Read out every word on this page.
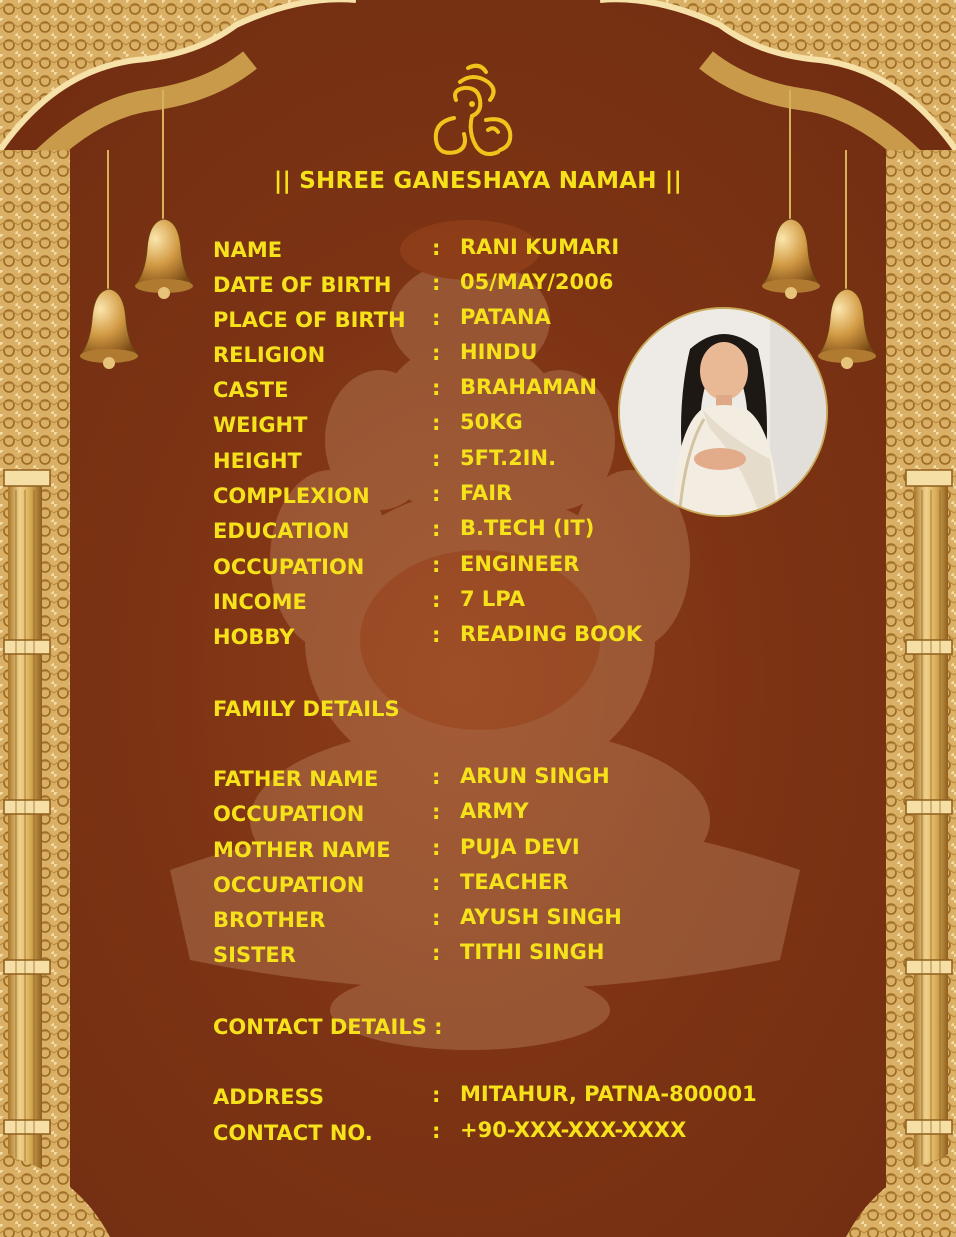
|| SHREE GANESHAYA NAMAH ||
NAME	: RANI KUMARI
DATE OF BIRTH : 05/MAY/2006
PLACE OF BIRTH : PATANA
RELIGION	: HINDU
CASTE	: BRAHAMAN
WEIGHT	: 50KG
HEIGHT	: 5FT.2IN.
COMPLEXION	: FAIR
EDUCATION	: B.TECH (IT)
OCCUPATION	: ENGINEER
INCOME	: 7 LPA
HOBBY	: READING BOOK
FAMILY DETAILS
FATHER NAME	: ARUN SINGH
OCCUPATION	: ARMY
MOTHER NAME : PUJA DEVI
OCCUPATION	: TEACHER
BROTHER	: AYUSH SINGH
SISTER	: TITHI SINGH
CONTACT DETAILS :
ADDRESS	: MITAHUR, PATNA-800001
CONTACT NO.	: +90-XXX-XXX-XXXX
